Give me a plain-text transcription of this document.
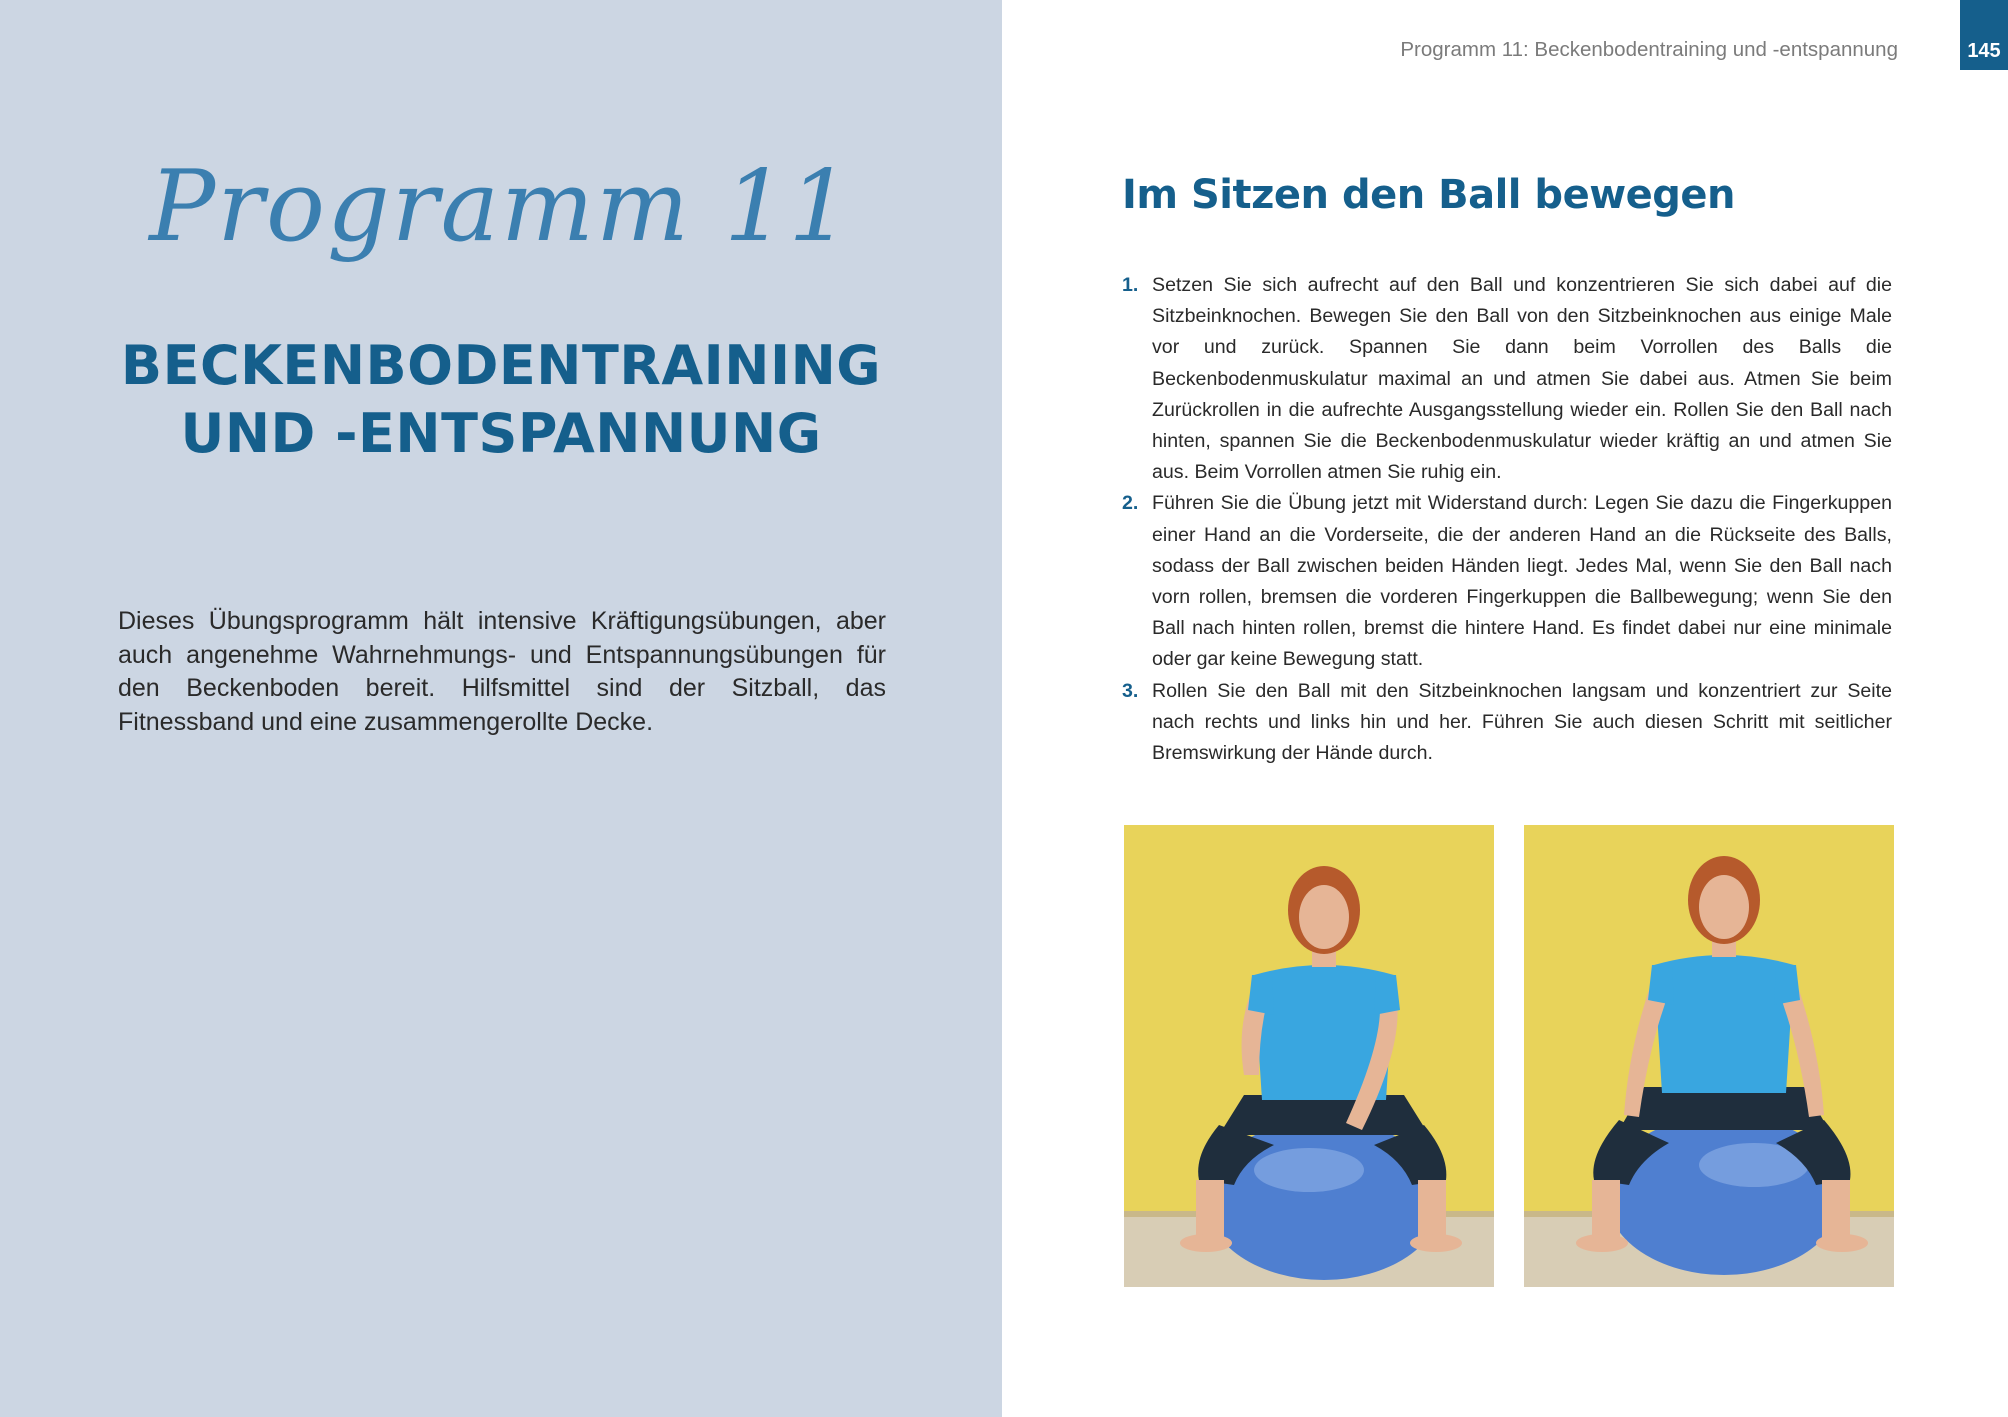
Programm 11
BECKENBODENTRAINING
UND -ENTSPANNUNG

Dieses Übungsprogramm hält intensive Kräftigungsübungen, aber auch angenehme Wahrnehmungs- und Entspannungsübungen für den Beckenboden bereit. Hilfsmittel sind der Sitzball, das Fitnessband und eine zusammengerollte Decke.

Programm 11: Beckenbodentraining und -entspannung	145
Im Sitzen den Ball bewegen
1. Setzen Sie sich aufrecht auf den Ball und konzentrieren Sie sich dabei auf die Sitzbeinknochen. Bewegen Sie den Ball von den Sitzbeinknochen aus einige Male vor und zurück. Spannen Sie dann beim Vorrollen des Balls die Beckenbodenmuskulatur maximal an und atmen Sie dabei aus. Atmen Sie beim Zurückrollen in die aufrechte Ausgangsstellung wieder ein. Rollen Sie den Ball nach hinten, spannen Sie die Beckenbodenmuskulatur wieder kräftig an und atmen Sie aus. Beim Vorrollen atmen Sie ruhig ein.
2. Führen Sie die Übung jetzt mit Widerstand durch: Legen Sie dazu die Fingerkuppen einer Hand an die Vorderseite, die der anderen Hand an die Rückseite des Balls, sodass der Ball zwischen beiden Händen liegt. Jedes Mal, wenn Sie den Ball nach vorn rollen, bremsen die vorderen Fingerkuppen die Ballbewegung; wenn Sie den Ball nach hinten rollen, bremst die hintere Hand. Es findet dabei nur eine minimale oder gar keine Bewegung statt.
3. Rollen Sie den Ball mit den Sitzbeinknochen langsam und konzentriert zur Seite nach rechts und links hin und her. Führen Sie auch diesen Schritt mit seitlicher Bremswirkung der Hände durch.
